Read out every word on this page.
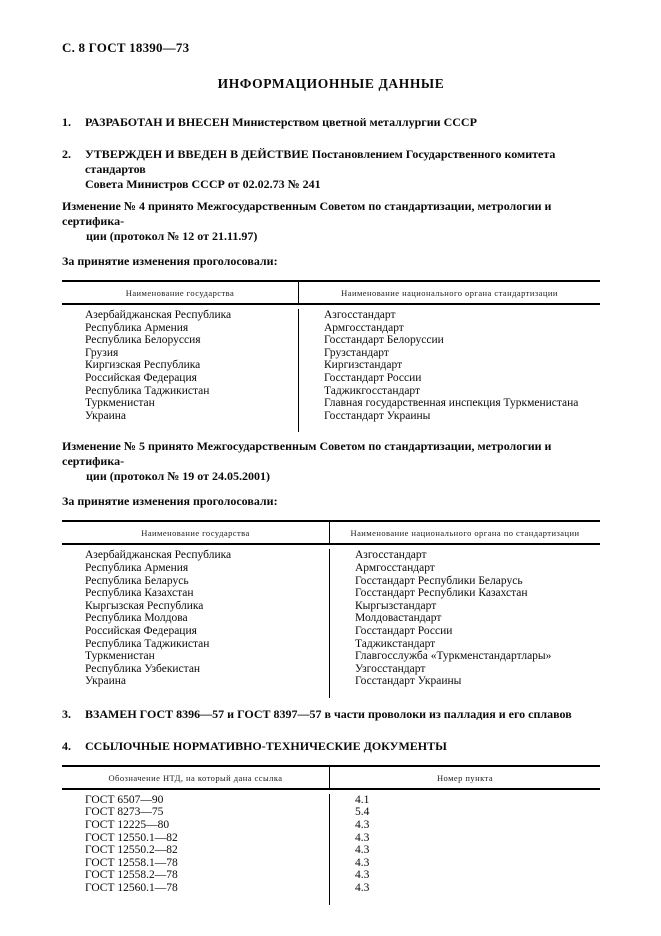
С. 8 ГОСТ 18390—73
ИНФОРМАЦИОННЫЕ ДАННЫЕ
1.	РАЗРАБОТАН И ВНЕСЕН Министерством цветной металлургии СССР
2.	УТВЕРЖДЕН И ВВЕДЕН В ДЕЙСТВИЕ Постановлением Государственного комитета стандартов
Совета Министров СССР от 02.02.73 № 241
Изменение № 4 принято Межгосударственным Советом по стандартизации, метрологии и сертифика-
ции (протокол № 12 от 21.11.97)
За принятие изменения проголосовали:
Наименование государства	Наименование национального органа стандартизации
Азербайджанская Республика	Азгосстандарт
Республика Армения	Армгосстандарт
Республика Белоруссия	Госстандарт Белоруссии
Грузия	Грузстандарт
Киргизская Республика	Киргизстандарт
Российская Федерация	Госстандарт России
Республика Таджикистан	Таджикгосстандарт
Туркменистан	Главная государственная инспекция Туркменистана
Украина	Госстандарт Украины
Изменение № 5 принято Межгосударственным Советом по стандартизации, метрологии и сертифика-
ции (протокол № 19 от 24.05.2001)
За принятие изменения проголосовали:
Наименование государства	Наименование национального органа по стандартизации
Азербайджанская Республика	Азгосстандарт
Республика Армения	Армгосстандарт
Республика Беларусь	Госстандарт Республики Беларусь
Республика Казахстан	Госстандарт Республики Казахстан
Кыргызская Республика	Кыргызстандарт
Республика Молдова	Молдовастандарт
Российская Федерация	Госстандарт России
Республика Таджикистан	Таджикстандарт
Туркменистан	Главгосслужба «Туркменстандартлары»
Республика Узбекистан	Узгосстандарт
Украина	Госстандарт Украины
3.	ВЗАМЕН ГОСТ 8396—57 и ГОСТ 8397—57 в части проволоки из палладия и его сплавов
4.	ССЫЛОЧНЫЕ НОРМАТИВНО-ТЕХНИЧЕСКИЕ ДОКУМЕНТЫ
Обозначение НТД, на который дана ссылка	Номер пункта
ГОСТ 6507—90	4.1
ГОСТ 8273—75	5.4
ГОСТ 12225—80	4.3
ГОСТ 12550.1—82	4.3
ГОСТ 12550.2—82	4.3
ГОСТ 12558.1—78	4.3
ГОСТ 12558.2—78	4.3
ГОСТ 12560.1—78	4.3
